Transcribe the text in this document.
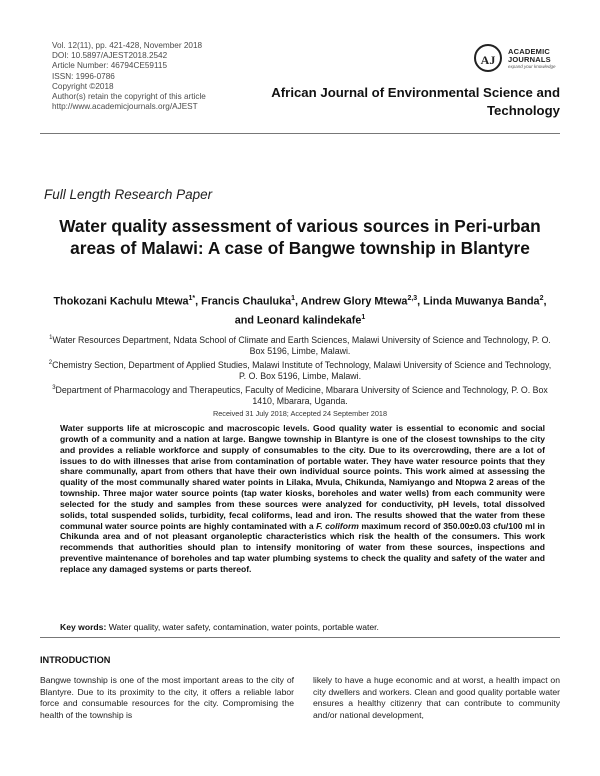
Vol. 12(11), pp. 421-428, November 2018
DOI: 10.5897/AJEST2018.2542
Article Number: 46794CE59115
ISSN: 1996-0786
Copyright ©2018
Author(s) retain the copyright of this article
http://www.academicjournals.org/AJEST
AJ
ACADEMIC
JOURNALS
expand your knowledge
African Journal of Environmental Science and Technology
Full Length Research Paper
Water quality assessment of various sources in Peri-urban areas of Malawi: A case of Bangwe township in Blantyre
Thokozani Kachulu Mtewa$^{1*}$, Francis Chauluka$^1$, Andrew Glory Mtewa$^{2,3}$, Linda Muwanya Banda$^2$, and Leonard kalindekafe$^1$

$^1$Water Resources Department, Ndata School of Climate and Earth Sciences, Malawi University of Science and Technology, P. O. Box 5196, Limbe, Malawi.

$^2$Chemistry Section, Department of Applied Studies, Malawi Institute of Technology, Malawi University of Science and Technology, P. O. Box 5196, Limbe, Malawi.

$^3$Department of Pharmacology and Therapeutics, Faculty of Medicine, Mbarara University of Science and Technology, P. O. Box 1410, Mbarara, Uganda.

Received 31 July 2018; Accepted 24 September 2018
Water supports life at microscopic and macroscopic levels. Good quality water is essential to economic and social growth of a community and a nation at large. Bangwe township in Blantyre is one of the closest townships to the city and provides a reliable workforce and supply of consumables to the city. Due to its overcrowding, there are a lot of issues to do with illnesses that arise from contamination of portable water. They have water resource points that they share communally, apart from others that have their own individual source points. This work aimed at assessing the quality of the most communally shared water points in Lilaka, Mvula, Chikunda, Namiyango and Ntopwa 2 areas of the township. Three major water source points (tap water kiosks, boreholes and water wells) from each community were selected for the study and samples from these sources were analyzed for conductivity, pH levels, total dissolved solids, total suspended solids, turbidity, fecal coliforms, lead and iron. The results showed that the water from these communal water source points are highly contaminated with a F. coliform maximum record of 350.00±0.03 cfu/100 ml in Chikunda area and of not pleasant organoleptic characteristics which risk the health of the consumers. This work recommends that authorities should plan to intensify monitoring of water from these sources, inspections and preventive maintenance of boreholes and tap water plumbing systems to check the quality and safety of the water and replace any damaged systems or parts thereof.
Key words: Water quality, water safety, contamination, water points, portable water.
INTRODUCTION
Bangwe township is one of the most important areas to the city of Blantyre. Due to its proximity to the city, it offers a reliable labor force and consumable resources for the city. Compromising the health of the township is
likely to have a huge economic and at worst, a health impact on city dwellers and workers. Clean and good quality portable water ensures a healthy citizenry that can contribute to community and/or national development,
